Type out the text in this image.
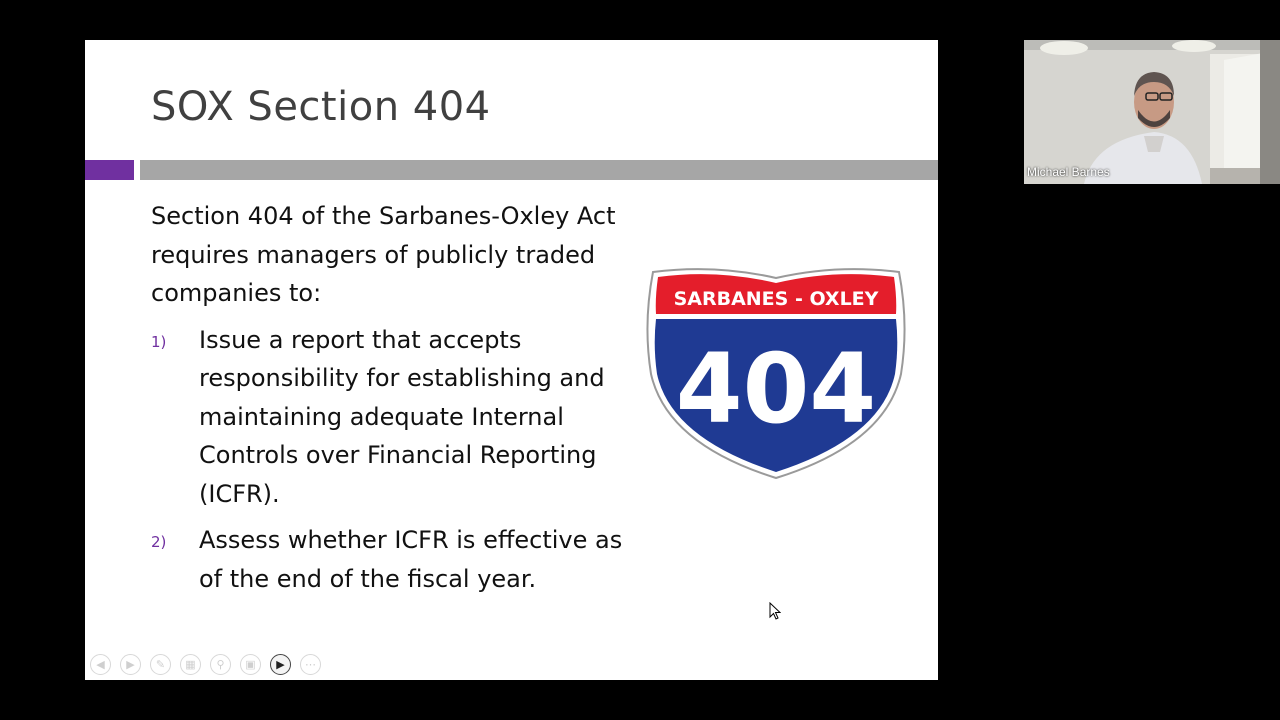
SOX Section 404

Section 404 of the Sarbanes-Oxley Act requires managers of publicly traded companies to:

1) Issue a report that accepts responsibility for establishing and maintaining adequate Internal Controls over Financial Reporting (ICFR).
2) Assess whether ICFR is effective as of the end of the fiscal year.
SARBANES - OXLEY
404
◀	▶	✎	▦	⚲	▣	▶	⋯
Michael Barnes
